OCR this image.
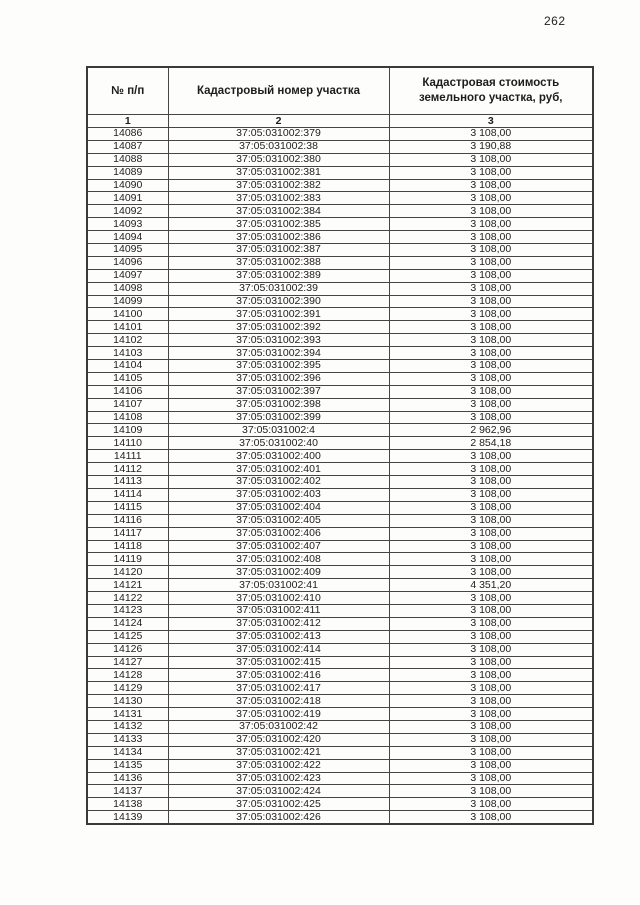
262
№ п/п	Кадастровый номер участка	Кадастровая стоимость земельного участка, руб,
1	2	3
14086	37:05:031002:379	3 108,00
14087	37:05:031002:38	3 190,88
14088	37:05:031002:380	3 108,00
14089	37:05:031002:381	3 108,00
14090	37:05:031002:382	3 108,00
14091	37:05:031002:383	3 108,00
14092	37:05:031002:384	3 108,00
14093	37:05:031002:385	3 108,00
14094	37:05:031002:386	3 108,00
14095	37:05:031002:387	3 108,00
14096	37:05:031002:388	3 108,00
14097	37:05:031002:389	3 108,00
14098	37:05:031002:39	3 108,00
14099	37:05:031002:390	3 108,00
14100	37:05:031002:391	3 108,00
14101	37:05:031002:392	3 108,00
14102	37:05:031002:393	3 108,00
14103	37:05:031002:394	3 108,00
14104	37:05:031002:395	3 108,00
14105	37:05:031002:396	3 108,00
14106	37:05:031002:397	3 108,00
14107	37:05:031002:398	3 108,00
14108	37:05:031002:399	3 108,00
14109	37:05:031002:4	2 962,96
14110	37:05:031002:40	2 854,18
14111	37:05:031002:400	3 108,00
14112	37:05:031002:401	3 108,00
14113	37:05:031002:402	3 108,00
14114	37:05:031002:403	3 108,00
14115	37:05:031002:404	3 108,00
14116	37:05:031002:405	3 108,00
14117	37:05:031002:406	3 108,00
14118	37:05:031002:407	3 108,00
14119	37:05:031002:408	3 108,00
14120	37:05:031002:409	3 108,00
14121	37:05:031002:41	4 351,20
14122	37:05:031002:410	3 108,00
14123	37:05:031002:411	3 108,00
14124	37:05:031002:412	3 108,00
14125	37:05:031002:413	3 108,00
14126	37:05:031002:414	3 108,00
14127	37:05:031002:415	3 108,00
14128	37:05:031002:416	3 108,00
14129	37:05:031002:417	3 108,00
14130	37:05:031002:418	3 108,00
14131	37:05:031002:419	3 108,00
14132	37:05:031002:42	3 108,00
14133	37:05:031002:420	3 108,00
14134	37:05:031002:421	3 108,00
14135	37:05:031002:422	3 108,00
14136	37:05:031002:423	3 108,00
14137	37:05:031002:424	3 108,00
14138	37:05:031002:425	3 108,00
14139	37:05:031002:426	3 108,00
